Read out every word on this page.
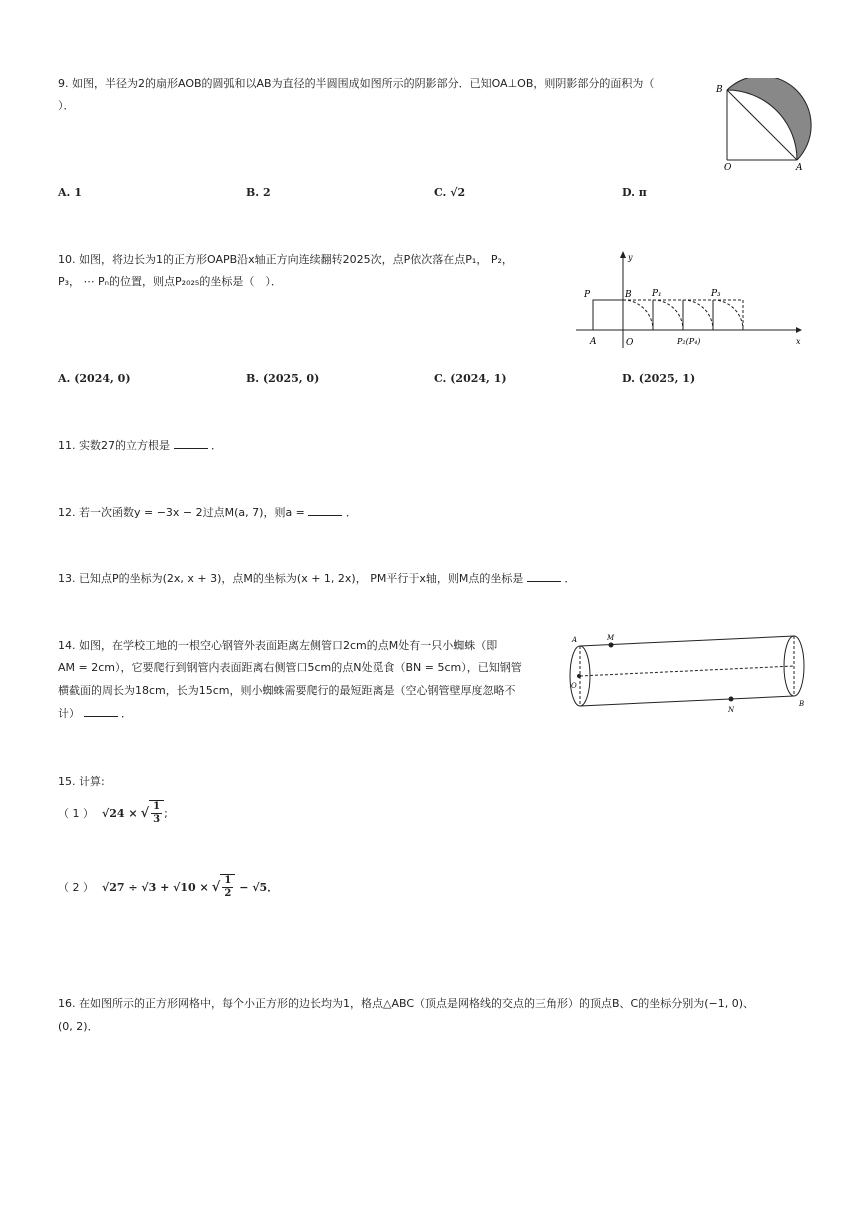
9. 如图，半径为2的扇形AOB的圆弧和以AB为直径的半圆围成如图所示的阴影部分．已知OA⊥OB，则阴影部分的面积为（
）．
B
O	A
A. 1	B. 2	C. √2	D. π
10. 如图，将边长为1的正方形OAPB沿x轴正方向连续翻转2025次，点P依次落在点P₁， P₂，
P₃， ⋯ Pₙ的位置，则点P₂₀₂₅的坐标是（　）．
y
x
P	B P₁	P₃
A	O	P₂(P₄)
A. (2024, 0)	B. (2025, 0)	C. (2024, 1)	D. (2025, 1)
11. 实数27的立方根是	．
12. 若一次函数y = −3x − 2过点M(a, 7)，则a =	．
13. 已知点P的坐标为(2x, x + 3)，点M的坐标为(x + 1, 2x)， PM平行于x轴，则M点的坐标是	．
14. 如图，在学校工地的一根空心钢管外表面距离左侧管口2cm的点M处有一只小蜘蛛（即
AM = 2cm），它要爬行到钢管内表面距离右侧管口5cm的点N处觅食（BN = 5cm），已知钢管
横截面的周长为18cm，长为15cm，则小蜘蛛需要爬行的最短距离是（空心钢管壁厚度忽略不
计）	．
A	M
O
N
B
15. 计算:
（ 1 ） √24 × √ $\frac{1}{3}$ ;
（ 2 ） √27 ÷ √3 + √10 × √ $\frac{1}{2} - √5$．
16. 在如图所示的正方形网格中，每个小正方形的边长均为1，格点△ABC（顶点是网格线的交点的三角形）的顶点B、C的坐标分别为(−1, 0)、
(0, 2)．
